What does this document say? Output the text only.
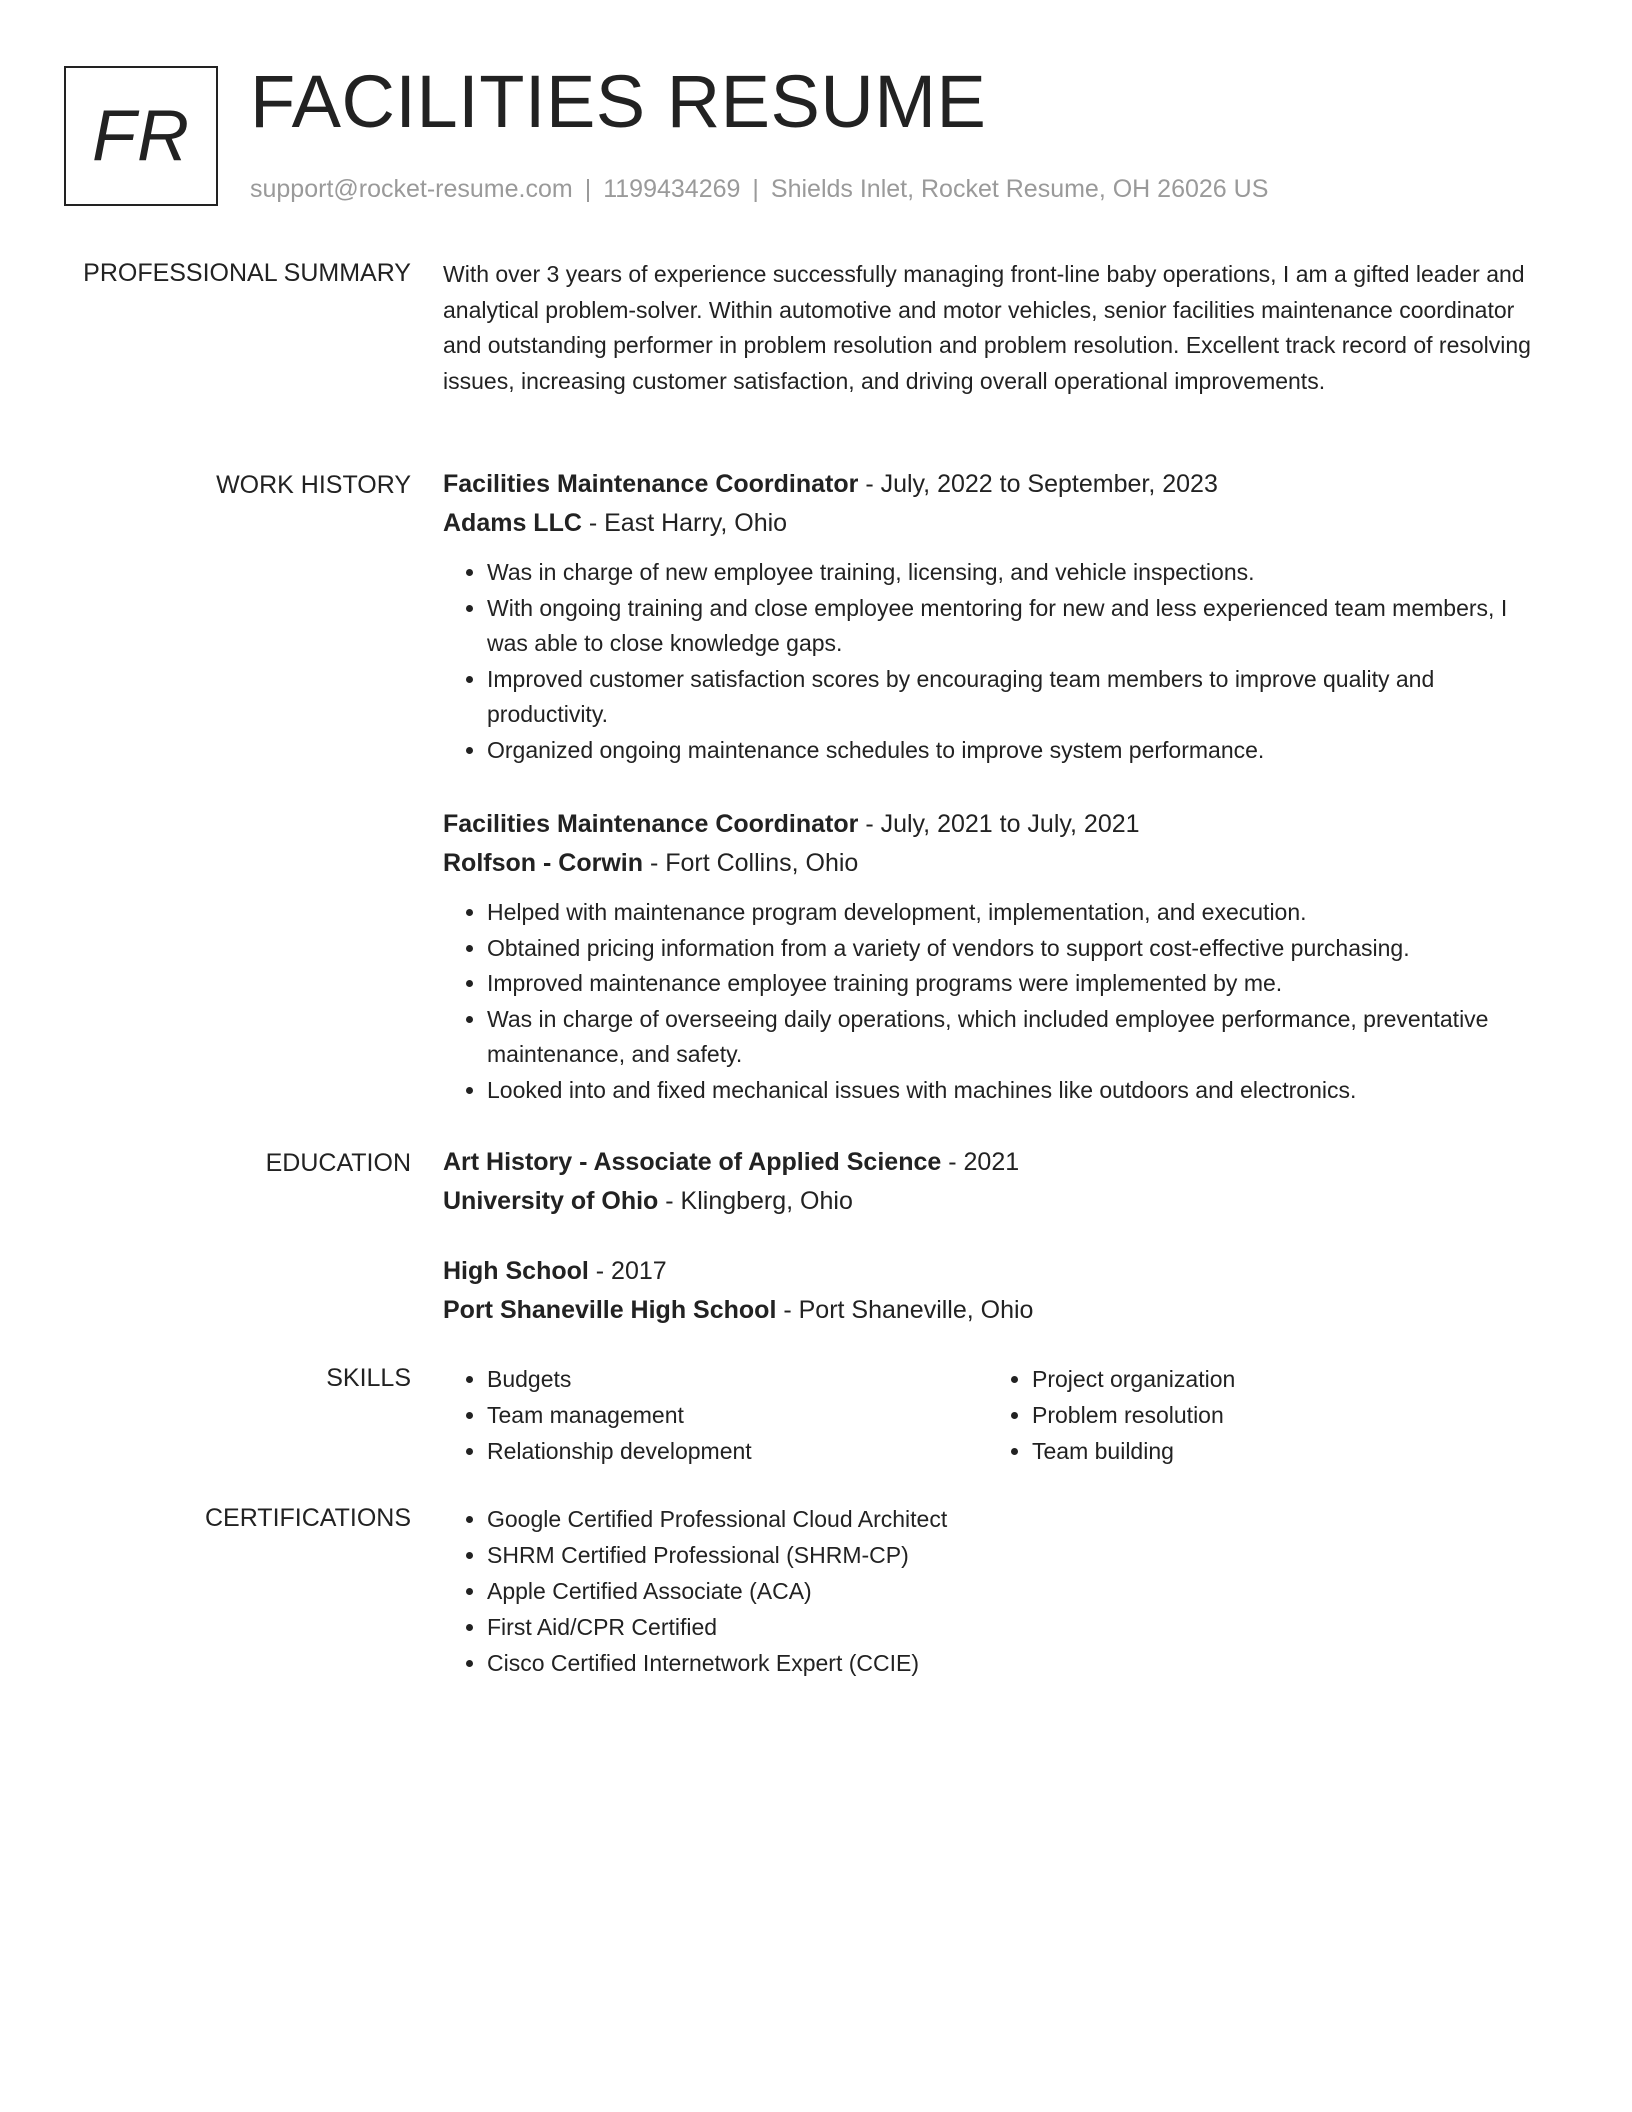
FR FACILITIES RESUME
support@rocket-resume.com | 1199434269 | Shields Inlet, Rocket Resume, OH 26026 US
PROFESSIONAL SUMMARY With over 3 years of experience successfully managing front-line baby operations, I am a gifted leader and analytical problem-solver. Within automotive and motor vehicles, senior facilities maintenance coordinator and outstanding performer in problem resolution and problem resolution. Excellent track record of resolving issues, increasing customer satisfaction, and driving overall operational improvements.

WORK HISTORY Facilities Maintenance Coordinator - July, 2022 to September, 2023
Adams LLC - East Harry, Ohio
• Was in charge of new employee training, licensing, and vehicle inspections.
• With ongoing training and close employee mentoring for new and less experienced team members, I was able to close knowledge gaps.
• Improved customer satisfaction scores by encouraging team members to improve quality and productivity.
• Organized ongoing maintenance schedules to improve system performance.
Facilities Maintenance Coordinator - July, 2021 to July, 2021
Rolfson - Corwin - Fort Collins, Ohio
• Helped with maintenance program development, implementation, and execution.
• Obtained pricing information from a variety of vendors to support cost-effective purchasing.
• Improved maintenance employee training programs were implemented by me.
• Was in charge of overseeing daily operations, which included employee performance, preventative maintenance, and safety.
• Looked into and fixed mechanical issues with machines like outdoors and electronics.
EDUCATION Art History - Associate of Applied Science - 2021
University of Ohio - Klingberg, Ohio
High School - 2017
Port Shaneville High School - Port Shaneville, Ohio
SKILLS	• Budgets
• Team management
• Relationship development
• Project organization
• Problem resolution
• Team building
CERTIFICATIONS	• Google Certified Professional Cloud Architect
• SHRM Certified Professional (SHRM-CP)
• Apple Certified Associate (ACA)
• First Aid/CPR Certified
• Cisco Certified Internetwork Expert (CCIE)
